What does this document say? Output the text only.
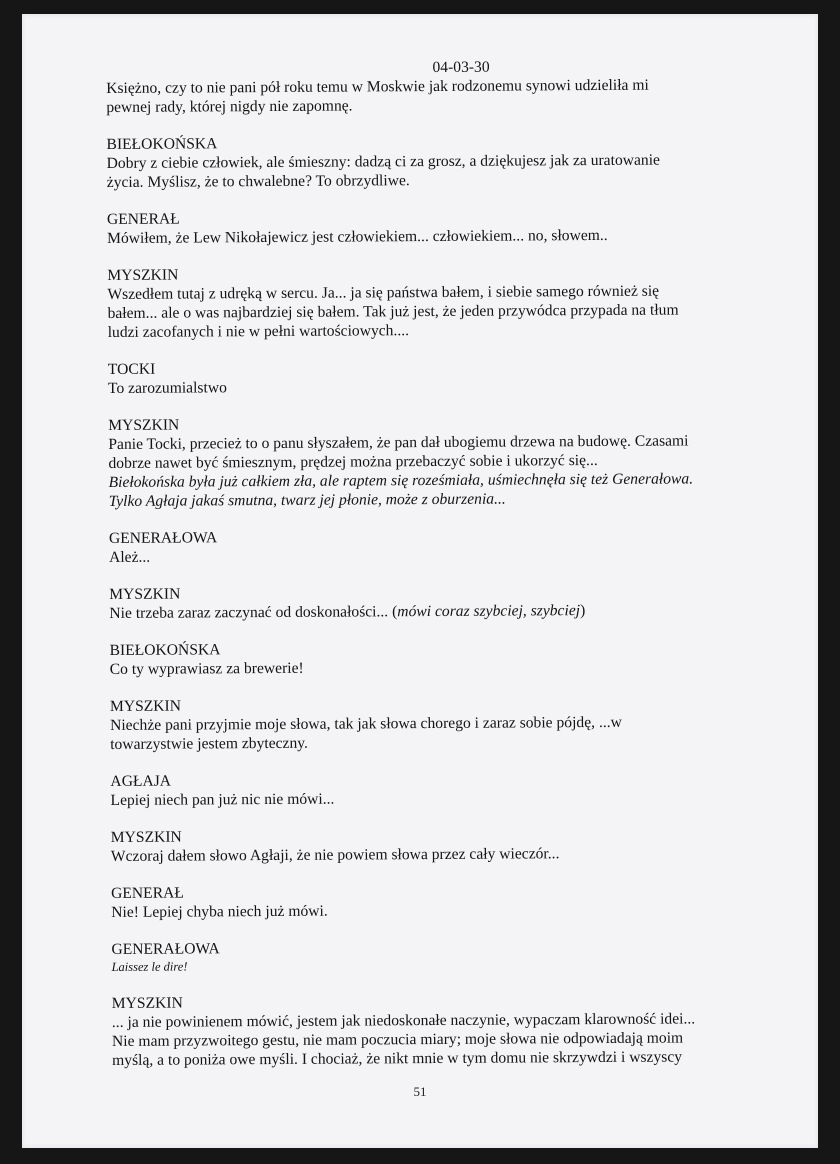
04-03-30
Księżno, czy to nie pani pół roku temu w Moskwie jak rodzonemu synowi udzieliła mi
pewnej rady, której nigdy nie zapomnę.
BIEŁOKOŃSKA
Dobry z ciebie człowiek, ale śmieszny: dadzą ci za grosz, a dziękujesz jak za uratowanie
życia. Myślisz, że to chwalebne? To obrzydliwe.
GENERAŁ
Mówiłem, że Lew Nikołajewicz jest człowiekiem... człowiekiem... no, słowem..
MYSZKIN
Wszedłem tutaj z udręką w sercu. Ja... ja się państwa bałem, i siebie samego również się
bałem... ale o was najbardziej się bałem. Tak już jest, że jeden przywódca przypada na tłum
ludzi zacofanych i nie w pełni wartościowych....
TOCKI
To zarozumialstwo
MYSZKIN
Panie Tocki, przecież to o panu słyszałem, że pan dał ubogiemu drzewa na budowę. Czasami
dobrze nawet być śmiesznym, prędzej można przebaczyć sobie i ukorzyć się...
Biełokońska była już całkiem zła, ale raptem się roześmiała, uśmiechnęła się też Generałowa.
Tylko Agłaja jakaś smutna, twarz jej płonie, może z oburzenia...
GENERAŁOWA
Ależ...
MYSZKIN
Nie trzeba zaraz zaczynać od doskonałości... (mówi coraz szybciej, szybciej)
BIEŁOKOŃSKA
Co ty wyprawiasz za brewerie!
MYSZKIN
Niechże pani przyjmie moje słowa, tak jak słowa chorego i zaraz sobie pójdę, ...w
towarzystwie jestem zbyteczny.
AGŁAJA
Lepiej niech pan już nic nie mówi...
MYSZKIN
Wczoraj dałem słowo Agłaji, że nie powiem słowa przez cały wieczór...
GENERAŁ
Nie! Lepiej chyba niech już mówi.
GENERAŁOWA
Laissez le dire!
MYSZKIN
... ja nie powinienem mówić, jestem jak niedoskonałe naczynie, wypaczam klarowność idei...
Nie mam przyzwoitego gestu, nie mam poczucia miary; moje słowa nie odpowiadają moim
myślą, a to poniża owe myśli. I chociaż, że nikt mnie w tym domu nie skrzywdzi i wszyscy
51
